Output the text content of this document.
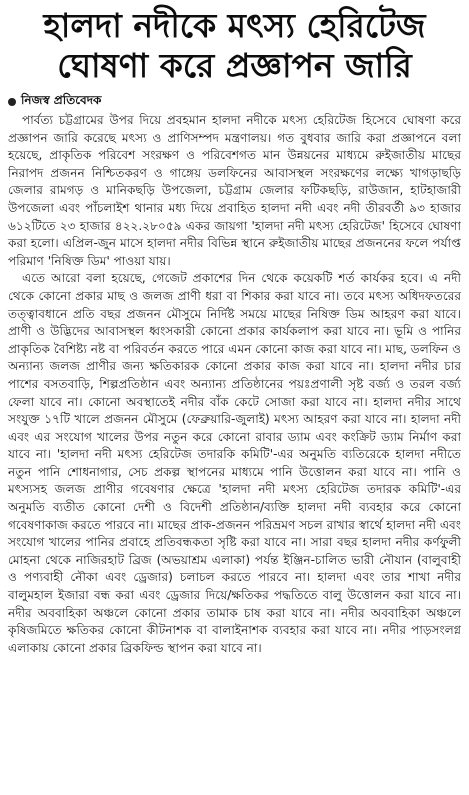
হালদা নদীকে মৎস্য হেরিটেজ
ঘোষণা করে প্রজ্ঞাপন জারি
নিজস্ব প্রতিবেদক

পার্বত্য চট্টগ্রামের উপর দিয়ে প্রবহমান হালদা নদীকে মৎস্য হেরিটেজ হিসেবে ঘোষণা করে প্রজ্ঞাপন জারি করেছে মৎস্য ও প্রাণিসম্পদ মন্ত্রণালয়। গত বুধবার জারি করা প্রজ্ঞাপনে বলা হয়েছে, প্রাকৃতিক পরিবেশ সংরক্ষণ ও পরিবেশগত মান উন্নয়নের মাধ্যমে রুইজাতীয় মাছের নিরাপদ প্রজনন নিশ্চিতকরণ ও গাঙ্গেয় ডলফিনের আবাসস্থল সংরক্ষণের লক্ষ্যে খাগড়াছড়ি জেলার রামগড় ও মানিকছড়ি উপজেলা, চট্টগ্রাম জেলার ফটিকছড়ি, রাউজান, হাটহাজারী উপজেলা এবং পাঁচলাইশ থানার মধ্য দিয়ে প্রবাহিত হালদা নদী এবং নদী তীরবর্তী ৯৩ হাজার ৬১২টিতে ২৩ হাজার ৪২২.২৮০৫৯ একর জায়গা 'হালদা নদী মৎস্য হেরিটেজ' হিসেবে ঘোষণা করা হলো। এপ্রিল-জুন মাসে হালদা নদীর বিভিন্ন স্থানে রুইজাতীয় মাছের প্রজননের ফলে পর্যাপ্ত পরিমাণ 'নিষিক্ত ডিম' পাওয়া যায়।

এতে আরো বলা হয়েছে, গেজেট প্রকাশের দিন থেকে কয়েকটি শর্ত কার্যকর হবে। এ নদী থেকে কোনো প্রকার মাছ ও জলজ প্রাণী ধরা বা শিকার করা যাবে না। তবে মৎস্য অধিদফতরের তত্ত্বাবধানে প্রতি বছর প্রজনন মৌসুমে নির্দিষ্ট সময়ে মাছের নিষিক্ত ডিম আহরণ করা যাবে। প্রাণী ও উদ্ভিদের আবাসস্থল ধ্বংসকারী কোনো প্রকার কার্যকলাপ করা যাবে না। ভূমি ও পানির প্রাকৃতিক বৈশিষ্ট্য নষ্ট বা পরিবর্তন করতে পারে এমন কোনো কাজ করা যাবে না। মাছ, ডলফিন ও অন্যান্য জলজ প্রাণীর জন্য ক্ষতিকারক কোনো প্রকার কাজ করা যাবে না। হালদা নদীর চার পাশের বসতবাড়ি, শিল্পপ্রতিষ্ঠান এবং অন্যান্য প্রতিষ্ঠানের পয়ঃপ্রণালী সৃষ্ট বর্জ্য ও তরল বর্জ্য ফেলা যাবে না। কোনো অবস্থাতেই নদীর বাঁক কেটে সোজা করা যাবে না। হালদা নদীর সাথে সংযুক্ত ১৭টি খালে প্রজনন মৌসুমে (ফেব্রুয়ারি-জুলাই) মৎস্য আহরণ করা যাবে না। হালদা নদী এবং এর সংযোগ খালের উপর নতুন করে কোনো রাবার ড্যাম এবং কংক্রিট ড্যাম নির্মাণ করা যাবে না। 'হালদা নদী মৎস্য হেরিটেজ তদারকি কমিটি'-এর অনুমতি ব্যতিরেকে হালদা নদীতে নতুন পানি শোধনাগার, সেচ প্রকল্প স্থাপনের মাধ্যমে পানি উত্তোলন করা যাবে না। পানি ও মৎস্যসহ জলজ প্রাণীর গবেষণার ক্ষেত্রে 'হালদা নদী মৎস্য হেরিটেজ তদারক কমিটি'-এর অনুমতি ব্যতীত কোনো দেশী ও বিদেশী প্রতিষ্ঠান/ব্যক্তি হালদা নদী ব্যবহার করে কোনো গবেষণাকাজ করতে পারবে না। মাছের প্রাক-প্রজনন পরিভ্রমণ সচল রাখার স্বার্থে হালদা নদী এবং সংযোগ খালের পানির প্রবাহে প্রতিবন্ধকতা সৃষ্টি করা যাবে না। সারা বছর হালদা নদীর কর্ণফুলী মোহনা থেকে নাজিরহাট ব্রিজ (অভয়াশ্রম এলাকা) পর্যন্ত ইঞ্জিন-চালিত ভারী নৌযান (বালুবাহী ও পণ্যবাহী নৌকা এবং ড্রেজার) চলাচল করতে পারবে না। হালদা এবং তার শাখা নদীর বালুমহাল ইজারা বন্ধ করা এবং ড্রেজার দিয়ে/ক্ষতিকর পদ্ধতিতে বালু উত্তোলন করা যাবে না। নদীর অববাহিকা অঞ্চলে কোনো প্রকার তামাক চাষ করা যাবে না। নদীর অববাহিকা অঞ্চলে কৃষিজমিতে ক্ষতিকর কোনো কীটনাশক বা বালাইনাশক ব্যবহার করা যাবে না। নদীর পাড়সংলগ্ন এলাকায় কোনো প্রকার ব্রিকফিল্ড স্থাপন করা যাবে না।
